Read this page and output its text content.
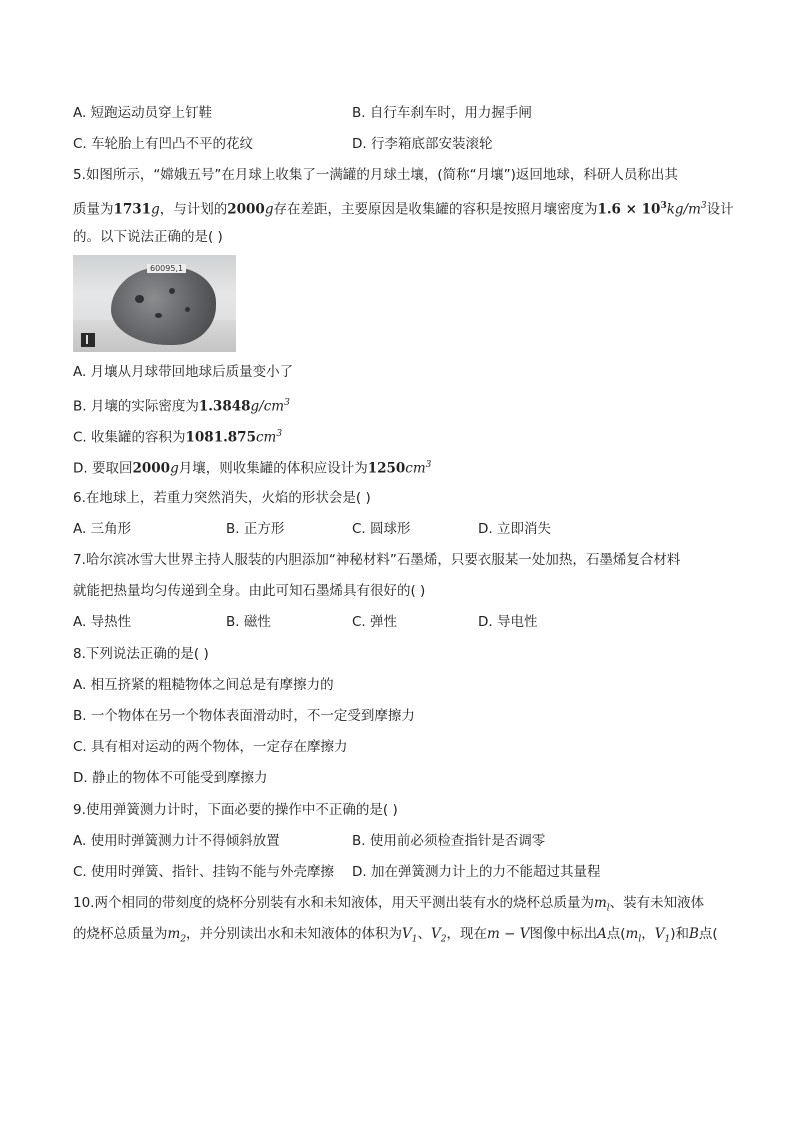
A. 短跑运动员穿上钉鞋	B. 自行车刹车时，用力握手闸
C. 车轮胎上有凹凸不平的花纹	D. 行李箱底部安装滚轮
5.如图所示，“嫦娥五号”在月球上收集了一满罐的月球土壤，(简称“月壤”)返回地球，科研人员称出其
质量为1731g，与计划的2000g存在差距，主要原因是收集罐的容积是按照月壤密度为$1.6 \times 10^3kg/m^3$设计
的。以下说法正确的是( )
60095,1
A. 月壤从月球带回地球后质量变小了
B. 月壤的实际密度为$1.3848g/cm^3$
C. 收集罐的容积为$1081.875cm^3$
D. 要取回2000g月壤，则收集罐的体积应设计为$1250cm^3$
6.在地球上，若重力突然消失，火焰的形状会是( )
A. 三角形	B. 正方形	C. 圆球形	D. 立即消失
7.哈尔滨冰雪大世界主持人服装的内胆添加“神秘材料”石墨烯，只要衣服某一处加热，石墨烯复合材料
就能把热量均匀传递到全身。由此可知石墨烯具有很好的( )
A. 导热性	B. 磁性	C. 弹性	D. 导电性
8.下列说法正确的是( )
A. 相互挤紧的粗糙物体之间总是有摩擦力的
B. 一个物体在另一个物体表面滑动时，不一定受到摩擦力
C. 具有相对运动的两个物体，一定存在摩擦力
D. 静止的物体不可能受到摩擦力
9.使用弹簧测力计时，下面必要的操作中不正确的是( )
A. 使用时弹簧测力计不得倾斜放置	B. 使用前必须检查指针是否调零
C. 使用时弹簧、指针、挂钩不能与外壳摩擦 D. 加在弹簧测力计上的力不能超过其量程
10.两个相同的带刻度的烧杯分别装有水和未知液体，用天平测出装有水的烧杯总质量为$m_l$、装有未知液体
的烧杯总质量为$m_2$，并分别读出水和未知液体的体积为$V_1$、$V_2$，现在m − V图像中标出A点($m_l$，$V_1$)和B点(
